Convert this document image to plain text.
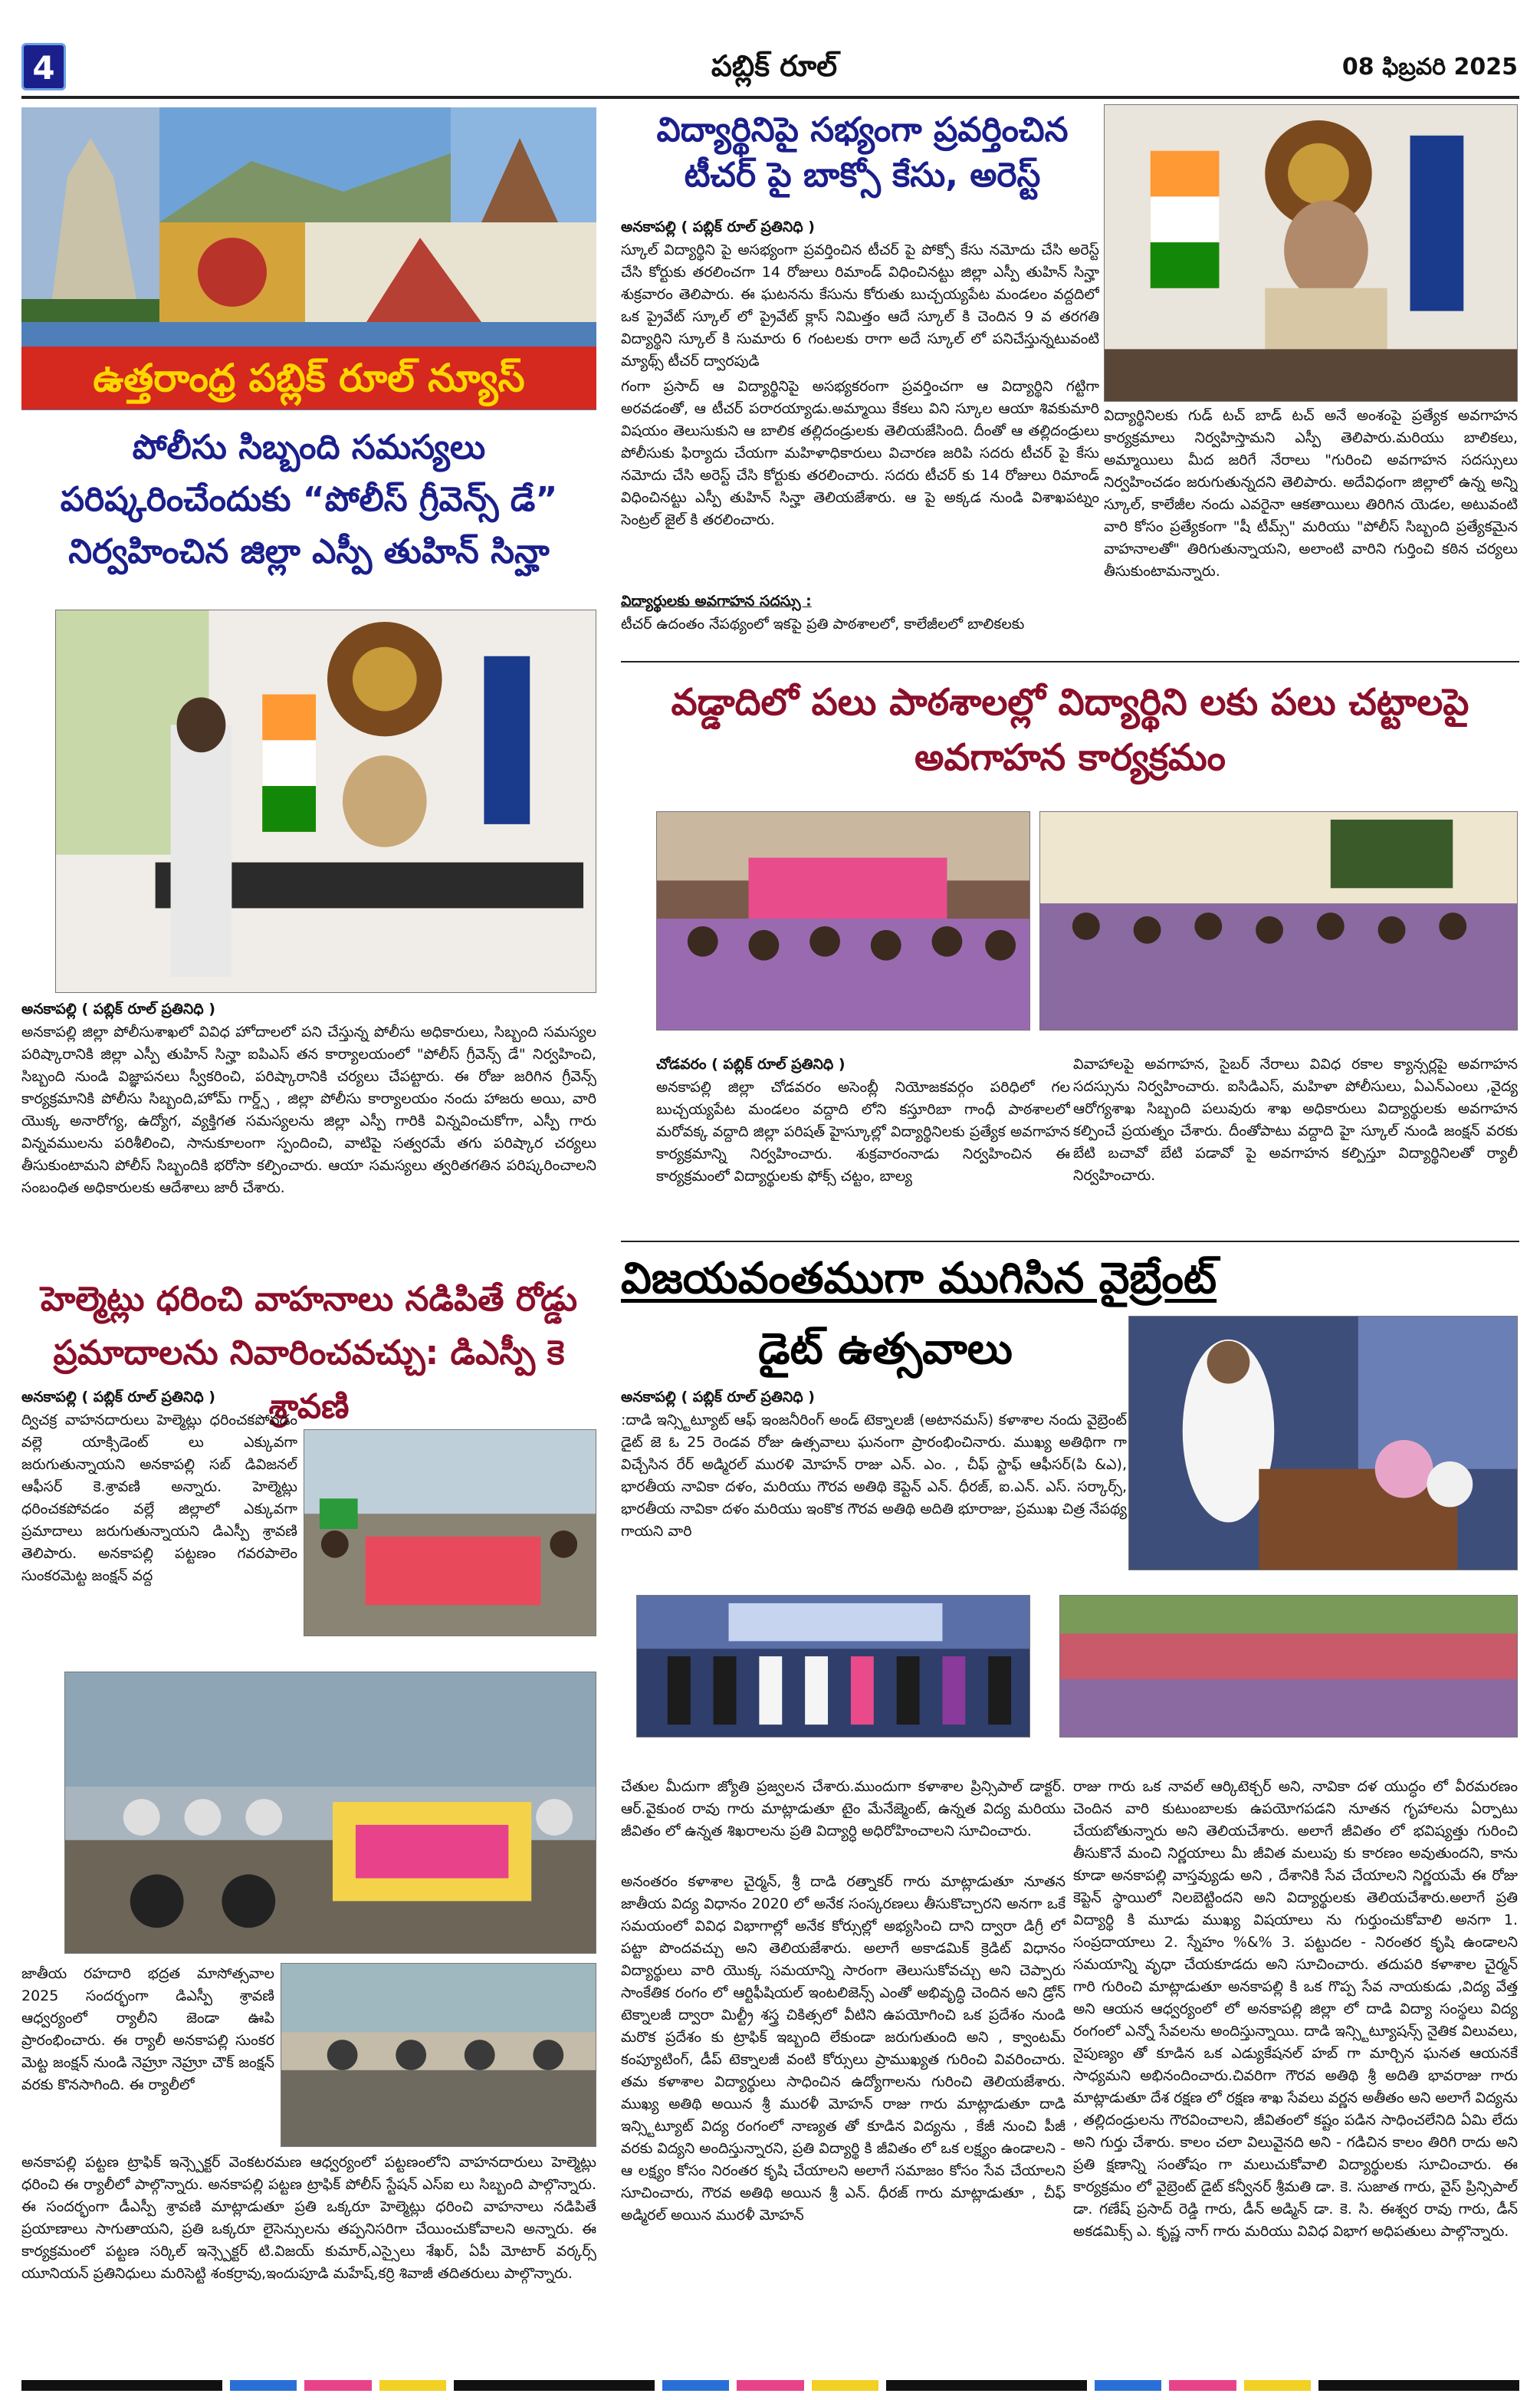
4	పబ్లిక్ రూల్	08 ఫిబ్రవరి 2025
ఉత్తరాంధ్ర పబ్లిక్ రూల్ న్యూస్
విద్యార్థినిపై సభ్యంగా ప్రవర్తించిన
టీచర్ పై బాక్సో కేసు, అరెస్ట్
అనకాపల్లి ( పబ్లిక్ రూల్ ప్రతినిధి )

స్కూల్ విద్యార్థిని పై అసభ్యంగా ప్రవర్తించిన టీచర్ పై పోక్సో కేసు నమోదు చేసి అరెస్ట్ చేసి కోర్టుకు తరలించగా 14 రోజులు రిమాండ్ విధించినట్టు జిల్లా ఎస్పీ తుహిన్ సిన్హా శుక్రవారం తెలిపారు. ఈ ఘటనను కేసును కోరుతు బుచ్చయ్యపేట మండలం వద్దదిలో ఒక ప్రైవేట్ స్కూల్ లో ప్రైవేట్ క్లాస్ నిమిత్తం ఆదే స్కూల్ కి చెందిన 9 వ తరగతి విద్యార్థిని స్కూల్ కి సుమారు 6 గంటలకు రాగా అదే స్కూల్ లో పనిచేస్తున్నటువంటి మ్యాథ్స్ టీచర్ ద్వారపుడి

గంగా ప్రసాద్ ఆ విద్యార్థినిపై అసభ్యకరంగా ప్రవర్తించగా ఆ విద్యార్థిని గట్టిగా అరవడంతో, ఆ టీచర్ పరారయ్యాడు.అమ్మాయి కేకలు విని స్కూల ఆయా శివకుమారి విషయం తెలుసుకుని ఆ బాలిక తల్లిదండ్రులకు తెలియజేసింది. దీంతో ఆ తల్లిదండ్రులు పోలీసుకు ఫిర్యాదు చేయగా మహిళాధికారులు విచారణ జరిపి సదరు టీచర్ పై కేసు నమోదు చేసి అరెస్ట్ చేసి కోర్టుకు తరలించారు. సదరు టీచర్ కు 14 రోజులు రిమాండ్ విధించినట్టు ఎస్పీ తుహిన్ సిన్హా తెలియజేశారు. ఆ పై అక్కడ నుండి విశాఖపట్నం సెంట్రల్ జైల్ కి తరలించారు.

విద్యార్థులకు అవగాహన సదస్సు :
టీచర్ ఉదంతం నేపథ్యంలో ఇకపై ప్రతి పాఠశాలలో, కాలేజీలలో బాలికలకు
విద్యార్థినిలకు గుడ్ టచ్ బాడ్ టచ్ అనే అంశంపై ప్రత్యేక అవగాహన కార్యక్రమాలు నిర్వహిస్తామని ఎస్పీ తెలిపారు.మరియు బాలికలు, అమ్మాయిలు మీద జరిగే నేరాలు "గురించి అవగాహన సదస్సులు నిర్వహించడం జరుగుతున్నదని తెలిపారు. అదేవిధంగా జిల్లాలో ఉన్న అన్ని స్కూల్, కాలేజీల నందు ఎవరైనా ఆకతాయిలు తిరిగిన యెడల, అటువంటి వారి కోసం ప్రత్యేకంగా "షీ టీమ్స్" మరియు "పోలీస్ సిబ్బంది ప్రత్యేకమైన వాహనాలతో" తిరిగుతున్నాయని, అలాంటి వారిని గుర్తించి కఠిన చర్యలు తీసుకుంటామన్నారు.
పోలీసు సిబ్బంది సమస్యలు
పరిష్కరించేందుకు “పోలీస్ గ్రీవెన్స్ డే”
నిర్వహించిన జిల్లా ఎస్పీ తుహిన్ సిన్హా
అనకాపల్లి ( పబ్లిక్ రూల్ ప్రతినిధి )
అనకాపల్లి జిల్లా పోలీసుశాఖలో వివిధ హోదాలలో పని చేస్తున్న పోలీసు అధికారులు, సిబ్బంది సమస్యల పరిష్కారానికి జిల్లా ఎస్పీ తుహిన్ సిన్హా ఐపిఎస్ తన కార్యాలయంలో "పోలీస్ గ్రీవెన్స్ డే" నిర్వహించి, సిబ్బంది నుండి విజ్ఞాపనలు స్వీకరించి, పరిష్కారానికి చర్యలు చేపట్టారు. ఈ రోజు జరిగిన గ్రీవెన్స్ కార్యక్రమానికి పోలీసు సిబ్బంది,హోమ్ గార్డ్స్ , జిల్లా పోలీసు కార్యాలయం నందు హాజరు అయి, వారి యొక్క అనారోగ్య, ఉద్యోగ, వ్యక్తిగత సమస్యలను జిల్లా ఎస్పీ గారికి విన్నవించుకోగా, ఎస్పీ గారు విన్నవములను పరిశీలించి, సానుకూలంగా స్పందించి, వాటిపై సత్వరమే తగు పరిష్కార చర్యలు తీసుకుంటామని పోలీస్ సిబ్బందికి భరోసా కల్పించారు. ఆయా సమస్యలు త్వరితగతిన పరిష్కరించాలని సంబంధిత అధికారులకు ఆదేశాలు జారీ చేశారు.
వడ్డాదిలో పలు పాఠశాలల్లో విద్యార్థిని లకు పలు చట్టాలపై
అవగాహన కార్యక్రమం
చోడవరం ( పబ్లిక్ రూల్ ప్రతినిధి )
అనకాపల్లి జిల్లా చోడవరం అసెంబ్లీ నియోజకవర్గం పరిధిలో గల బుచ్చయ్యపేట మండలం వద్దాది లోని కస్తూరిబా గాంధీ పాఠశాలలో మరోవక్క వద్దాది జిల్లా పరిషత్ హైస్కూల్లో విద్యార్థినిలకు ప్రత్యేక అవగాహన కార్యక్రమాన్ని నిర్వహించారు. శుక్రవారంనాడు నిర్వహించిన ఈ కార్యక్రమంలో విద్యార్థులకు ఫోక్స్ చట్టం, బాల్య
వివాహాలపై అవగాహన, సైబర్ నేరాలు వివిధ రకాల క్యాన్సర్లపై అవగాహన సదస్సును నిర్వహించారు. ఐసిడిఎస్, మహిళా పోలీసులు, ఏఎన్ఎంలు ,వైద్య ఆరోగ్యశాఖ సిబ్బంది పలువురు శాఖ అధికారులు విద్యార్థులకు అవగాహన కల్పించే ప్రయత్నం చేశారు. దీంతోపాటు వద్దాది హై స్కూల్ నుండి జంక్షన్ వరకు బేటి బచావో బేటి పడావో పై అవగాహన కల్పిస్తూ విద్యార్థినిలతో ర్యాలీ నిర్వహించారు.
హెల్మెట్లు ధరించి వాహనాలు నడిపితే రోడ్డు
ప్రమాదాలను నివారించవచ్చు: డిఎస్పీ కె శ్రావణి
అనకాపల్లి ( పబ్లిక్ రూల్ ప్రతినిధి )
ద్విచక్ర వాహనదారులు హెల్మెట్లు ధరించకపోవడం వల్లె యాక్సిడెంట్ లు ఎక్కువగా జరుగుతున్నాయని అనకాపల్లి సబ్ డివిజనల్ ఆఫీసర్ కె.శ్రావణి అన్నారు. హెల్మెట్లు ధరించకపోవడం వల్లే జిల్లాలో ఎక్కువగా ప్రమాదాలు జరుగుతున్నాయని డిఎస్పీ శ్రావణి తెలిపారు. అనకాపల్లి పట్టణం గవరపాలెం సుంకరమెట్ట జంక్షన్ వద్ద
జాతీయ రహదారి భద్రత మాసోత్సవాల 2025 సందర్భంగా డిఎస్పీ శ్రావణి ఆధ్వర్యంలో ర్యాలీని జెండా ఊపి ప్రారంభించారు. ఈ ర్యాలీ అనకాపల్లి సుంకర మెట్ట జంక్షన్ నుండి నెహ్రూ నెహ్రూ చౌక్ జంక్షన్ వరకు కొనసాగింది. ఈ ర్యాలీలో
అనకాపల్లి పట్టణ ట్రాఫిక్ ఇన్స్పెక్టర్ వెంకటరమణ ఆధ్వర్యంలో పట్టణంలోని వాహనదారులు హెల్మెట్లు ధరించి ఈ ర్యాలీలో పాల్గొన్నారు. అనకాపల్లి పట్టణ ట్రాఫిక్ పోలీస్ స్టేషన్ ఎస్ఐ లు సిబ్బంది పాల్గొన్నారు. ఈ సందర్భంగా డీఎస్పీ శ్రావణి మాట్లాడుతూ ప్రతి ఒక్కరూ హెల్మెట్లు ధరించి వాహనాలు నడిపితే ప్రయాణాలు సాగుతాయని, ప్రతి ఒక్కరూ లైసెన్సులను తప్పనిసరిగా చేయించుకోవాలని అన్నారు. ఈ కార్యక్రమంలో పట్టణ సర్కిల్ ఇన్స్పెక్టర్ టి.విజయ్ కుమార్,ఎస్సైలు శేఖర్, ఏపీ మోటార్ వర్కర్స్ యూనియన్ ప్రతినిధులు మరిసెట్టి శంకర్రావు,ఇందుపూడి మహేష్,కర్రి శివాజీ తదితరులు పాల్గొన్నారు.
విజయవంతముగా ముగిసిన వైబ్రేంట్
డైట్ ఉత్సవాలు
అనకాపల్లి ( పబ్లిక్ రూల్ ప్రతినిధి )
:దాడి ఇన్స్టిట్యూట్ ఆఫ్ ఇంజనీరింగ్ అండ్ టెక్నాలజీ (అటానమస్) కళాశాల నందు వైబ్రెంట్ డైట్ జె ఓ 25 రెండవ రోజు ఉత్సవాలు ఘనంగా ప్రారంభించినారు. ముఖ్య అతిథిగా గా విచ్చేసిన రేర్ అడ్మిరల్ మురళి మోహన్ రాజు ఎన్. ఎం. , చీఫ్ స్టాఫ్ ఆఫీసర్(పి &ఎ), భారతీయ నావికా దళం, మరియు గౌరవ అతిథి కెప్టెన్ ఎన్. ధీరజ్, ఐ.ఎన్. ఎస్. సర్కార్స్, భారతీయ నావికా దళం మరియు ఇంకొక గౌరవ అతిథి అదితి భూరాజు, ప్రముఖ చిత్ర నేపథ్య గాయని వారి
చేతుల మీదుగా జ్యోతి ప్రజ్వలన చేశారు.ముందుగా కళాశాల ప్రిన్సిపాల్ డాక్టర్. ఆర్.వైకుంఠ రావు గారు మాట్లాడుతూ టైం మేనేజ్మెంట్, ఉన్నత విద్య మరియు జీవితం లో ఉన్నత శిఖరాలను ప్రతి విద్యార్ధి అధిరోహించాలని సూచించారు.
అనంతరం కళాశాల చైర్మన్, శ్రీ దాడి రత్నాకర్ గారు మాట్లాడుతూ నూతన జాతీయ విద్య విధానం 2020 లో అనేక సంస్కరణలు తీసుకొచ్చారని అనగా ఒకే సమయంలో వివిధ విభాగాల్లో అనేక కోర్సుల్లో అభ్యసించి దాని ద్వారా డిగ్రీ లో పట్టా పొందవచ్చు అని తెలియజేశారు. అలాగే అకాడమిక్ క్రెడిట్ విధానం విద్యార్థులు వారి యొక్క సమయాన్ని సారంగా తెలుసుకోవచ్చు అని చెప్పారు సాంకేతిక రంగం లో ఆర్టిఫీషియల్ ఇంటలిజెన్స్ ఎంతో అభివృద్ధి చెందిన అని డ్రోన్ టెక్నాలజీ ద్వారా మిల్ట్రీ శస్త్ర చికిత్సలో వీటిని ఉపయోగించి ఒక ప్రదేశం నుండి మరొక ప్రదేశం కు ట్రాఫిక్ ఇబ్బంది లేకుండా జరుగుతుంది అని , క్వాంటమ్ కంప్యూటింగ్, డీప్ టెక్నాలజీ వంటి కోర్సులు ప్రాముఖ్యత గురించి వివరించారు. తమ కళాశాల విద్యార్థులు సాధించిన ఉద్యోగాలను గురించి తెలియజేశారు. ముఖ్య అతిథి అయిన శ్రీ మురళీ మోహన్ రాజు గారు మాట్లాడుతూ దాడి ఇన్స్టిట్యూట్ విద్య రంగంలో నాణ్యత తో కూడిన విద్యను , కేజీ నుంచి పీజీ వరకు విద్యని అందిస్తున్నారని, ప్రతి విద్యార్థి కి జీవితం లో ఒక లక్ష్యం ఉండాలని - ఆ లక్ష్యం కోసం నిరంతర కృషి చేయాలని అలాగే సమాజం కోసం సేవ చేయాలని సూచించారు, గౌరవ అతిథి అయిన శ్రీ ఎన్. ధీరజ్ గారు మాట్లాడుతూ , చీఫ్ అడ్మిరల్ అయిన మురళీ మోహన్
రాజు గారు ఒక నావల్ ఆర్కిటెక్చర్ అని, నావికా దళ యుద్ధం లో వీరమరణం చెందిన వారి కుటుంబాలకు ఉపయోగపడని నూతన గృహాలను ఏర్పాటు చేయబోతున్నారు అని తెలియచేశారు. అలాగే జీవితం లో భవిష్యత్తు గురించి తీసుకొనే మంచి నిర్ణయాలు మీ జీవిత మలుపు కు కారణం అవుతుందని, కాను కూడా అనకాపల్లి వాస్తవ్యుడు అని , దేశానికి సేవ చేయాలని నిర్ణయమే ఈ రోజు కెప్టెన్ స్థాయిలో నిలబెట్టిందని అని విద్యార్థులకు తెలియచేశారు.అలాగే ప్రతి విద్యార్థి కి మూడు ముఖ్య విషయాలు ను గుర్తుంచుకోవాలి అనగా 1. సంప్రదాయాలు 2. స్నేహం %&% 3. పట్టుదల - నిరంతర కృషి ఉండాలని సమయాన్ని వృధా చేయకూడదు అని సూచించారు. తదుపరి కళాశాల చైర్మన్ గారి గురించి మాట్లాడుతూ అనకాపల్లి కి ఒక గొప్ప సేవ నాయకుడు ,విద్య వేత్త అని ఆయన ఆధ్వర్యంలో లో అనకాపల్లి జిల్లా లో దాడి విద్యా సంస్థలు విద్య రంగంలో ఎన్నో సేవలను అందిస్తున్నాయి. దాడి ఇన్స్టిట్యూషన్స్ నైతిక విలువలు, నైపుణ్యం తో కూడిన ఒక ఎడ్యుకేషనల్ హబ్ గా మార్చిన ఘనత ఆయనకే సాధ్యమని అభినందించారు.చివరిగా గౌరవ అతిథి శ్రీ అదితి భావరాజు గారు మాట్లాడుతూ దేశ రక్షణ లో రక్షణ శాఖ సేవలు వర్ణన అతీతం అని అలాగే విద్యను , తల్లిదండ్రులను గౌరవించాలని, జీవితంలో కష్టం పడిన సాధించలేనిది ఏమి లేదు అని గుర్తు చేశారు. కాలం చలా విలువైనది అని - గడిచిన కాలం తిరిగి రాదు అని ప్రతి క్షణాన్ని సంతోషం గా మలుచుకోవాలి విద్యార్థులకు సూచించారు. ఈ కార్యక్రమం లో వైబ్రెంట్ డైట్ కన్వీనర్ శ్రీమతి డా. కె. సుజాత గారు, వైస్ ప్రిన్సిపాల్ డా. గణేష్ ప్రసాద్ రెడ్డి గారు, డీన్ అడ్మిన్ డా. కె. సి. ఈశ్వర రావు గారు, డీన్ అకడమిక్స్ ఎ. కృష్ణ నాగ్ గారు మరియు వివిధ విభాగ అధిపతులు పాల్గొన్నారు.
